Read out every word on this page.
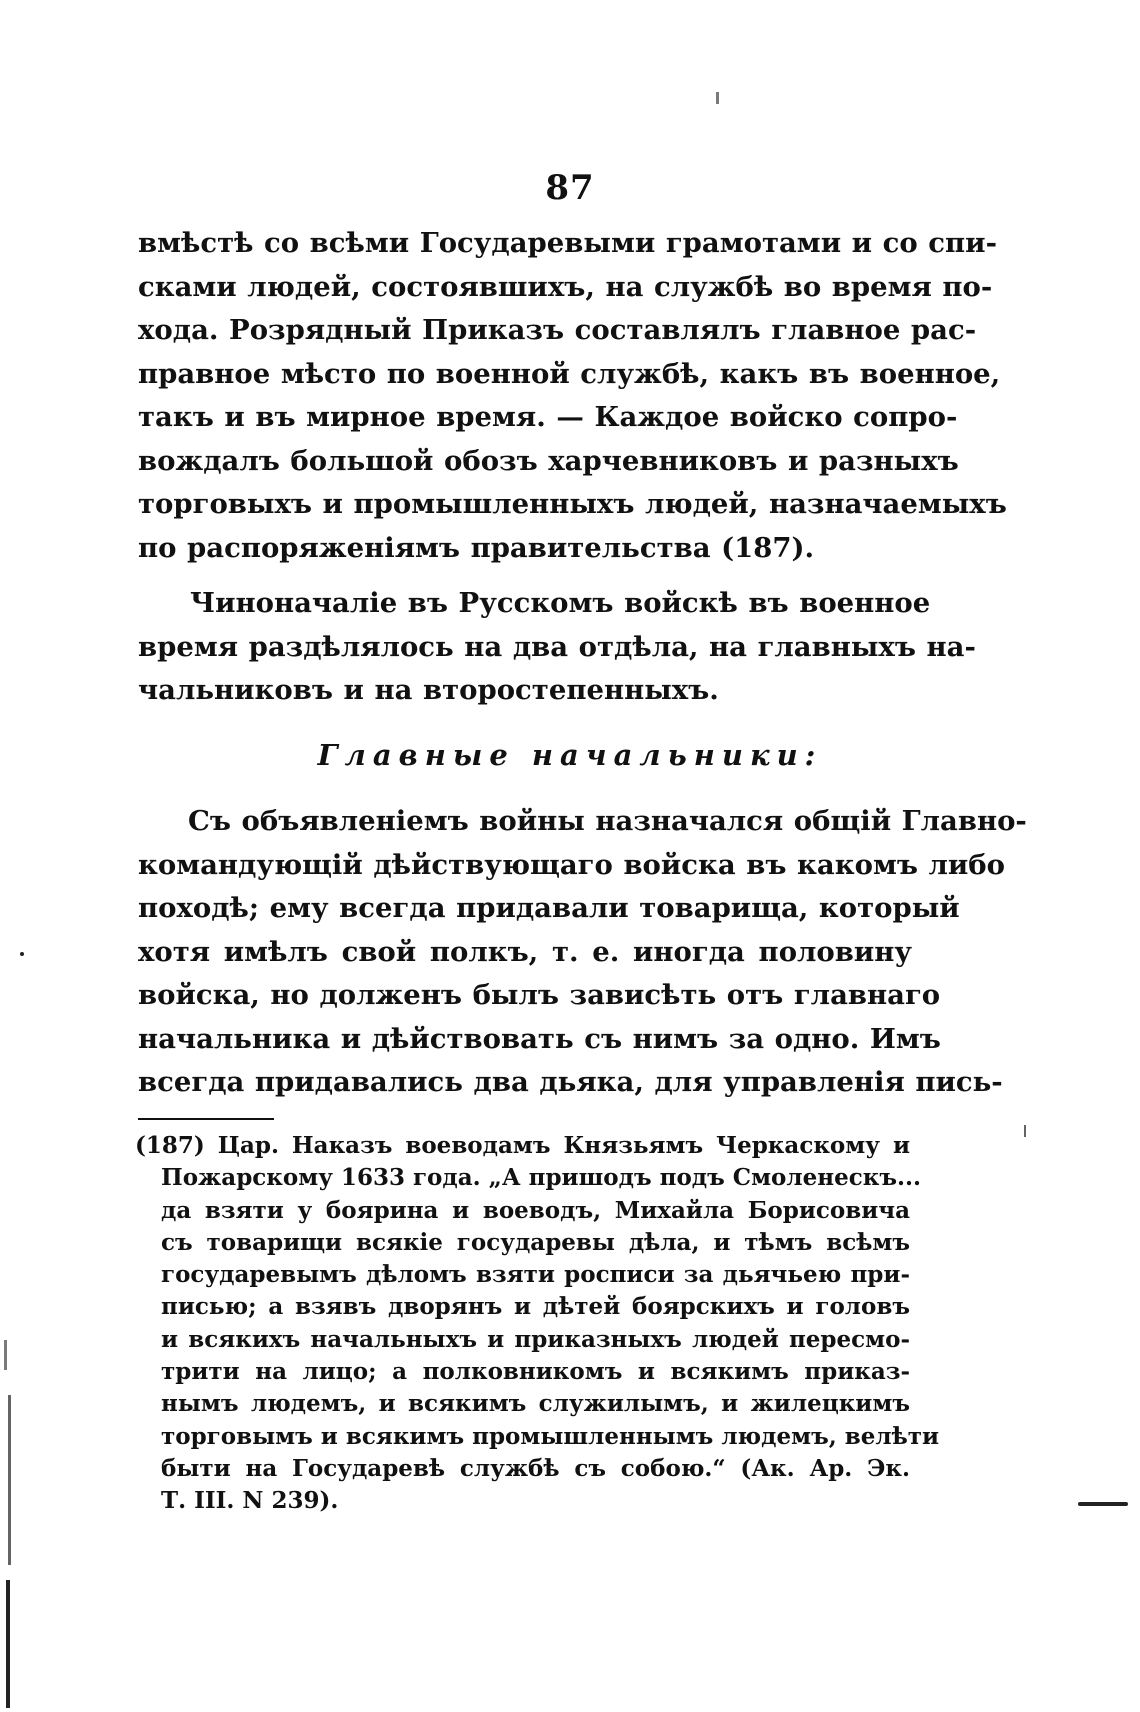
87
вмѣстѣ со всѣми Государевыми грамотами и со спи-
сками людей, состоявшихъ, на службѣ во время по-
хода. Розрядный Приказъ составлялъ главное рас-
правное мѣсто по военной службѣ, какъ въ военное,
такъ и въ мирное время. — Каждое войско сопро-
вождалъ большой обозъ харчевниковъ и разныхъ
торговыхъ и промышленныхъ людей, назначаемыхъ
по распоряженіямъ правительства (187).
Чиноначаліе въ Русскомъ войскѣ въ военное
время раздѣлялось на два отдѣла, на главныхъ на-
чальниковъ и на второстепенныхъ.
Главные начальники:
Съ объявленіемъ войны назначался общій Главно-
командующій дѣйствующаго войска въ какомъ либо
походѣ; ему всегда придавали товарища, который
хотя имѣлъ свой полкъ, т. е. иногда половину
войска, но долженъ былъ зависѣть отъ главнаго
начальника и дѣйствовать съ нимъ за одно. Имъ
всегда придавались два дьяка, для управленія пись-
(187) Цар. Наказъ воеводамъ Князьямъ Черкаскому и
Пожарскому 1633 года. „А пришодъ подъ Смоленескъ...
да взяти у боярина и воеводъ, Михайла Борисовича
съ товарищи всякіе государевы дѣла, и тѣмъ всѣмъ
государевымъ дѣломъ взяти росписи за дьячьею при-
писью; а взявъ дворянъ и дѣтей боярскихъ и головъ
и всякихъ начальныхъ и приказныхъ людей пересмо-
трити на лицо; а полковникомъ и всякимъ приказ-
нымъ людемъ, и всякимъ служилымъ, и жилецкимъ
торговымъ и всякимъ промышленнымъ людемъ, велѣти
быти на Государевѣ службѣ съ собою.“ (Ак. Ар. Эк.
Т. III. N 239).
